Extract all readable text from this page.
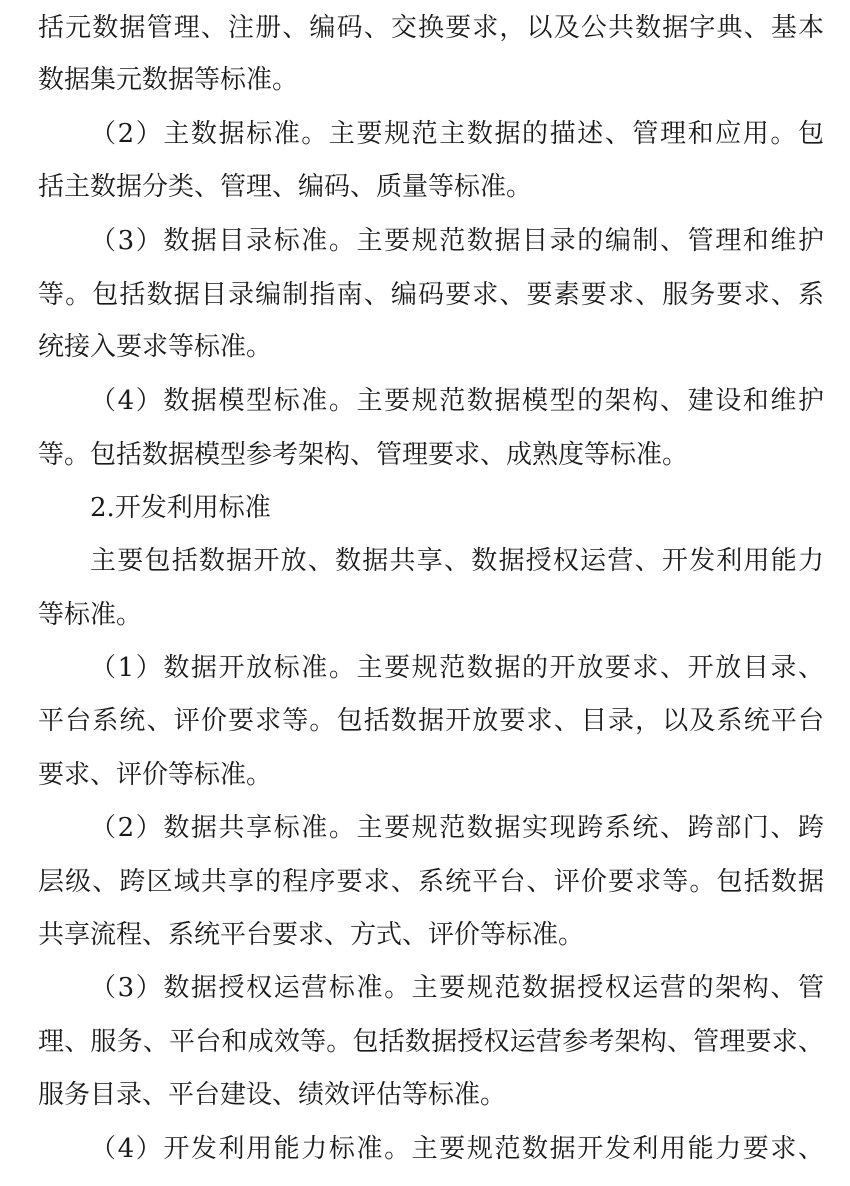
括元数据管理、注册、编码、交换要求，以及公共数据字典、基本
数据集元数据等标准。
（2）主数据标准。主要规范主数据的描述、管理和应用。包
括主数据分类、管理、编码、质量等标准。
（3）数据目录标准。主要规范数据目录的编制、管理和维护
等。包括数据目录编制指南、编码要求、要素要求、服务要求、系
统接入要求等标准。
（4）数据模型标准。主要规范数据模型的架构、建设和维护
等。包括数据模型参考架构、管理要求、成熟度等标准。
2.开发利用标准
主要包括数据开放、数据共享、数据授权运营、开发利用能力
等标准。
（1）数据开放标准。主要规范数据的开放要求、开放目录、
平台系统、评价要求等。包括数据开放要求、目录，以及系统平台
要求、评价等标准。
（2）数据共享标准。主要规范数据实现跨系统、跨部门、跨
层级、跨区域共享的程序要求、系统平台、评价要求等。包括数据
共享流程、系统平台要求、方式、评价等标准。
（3）数据授权运营标准。主要规范数据授权运营的架构、管
理、服务、平台和成效等。包括数据授权运营参考架构、管理要求、
服务目录、平台建设、绩效评估等标准。
（4）开发利用能力标准。主要规范数据开发利用能力要求、
